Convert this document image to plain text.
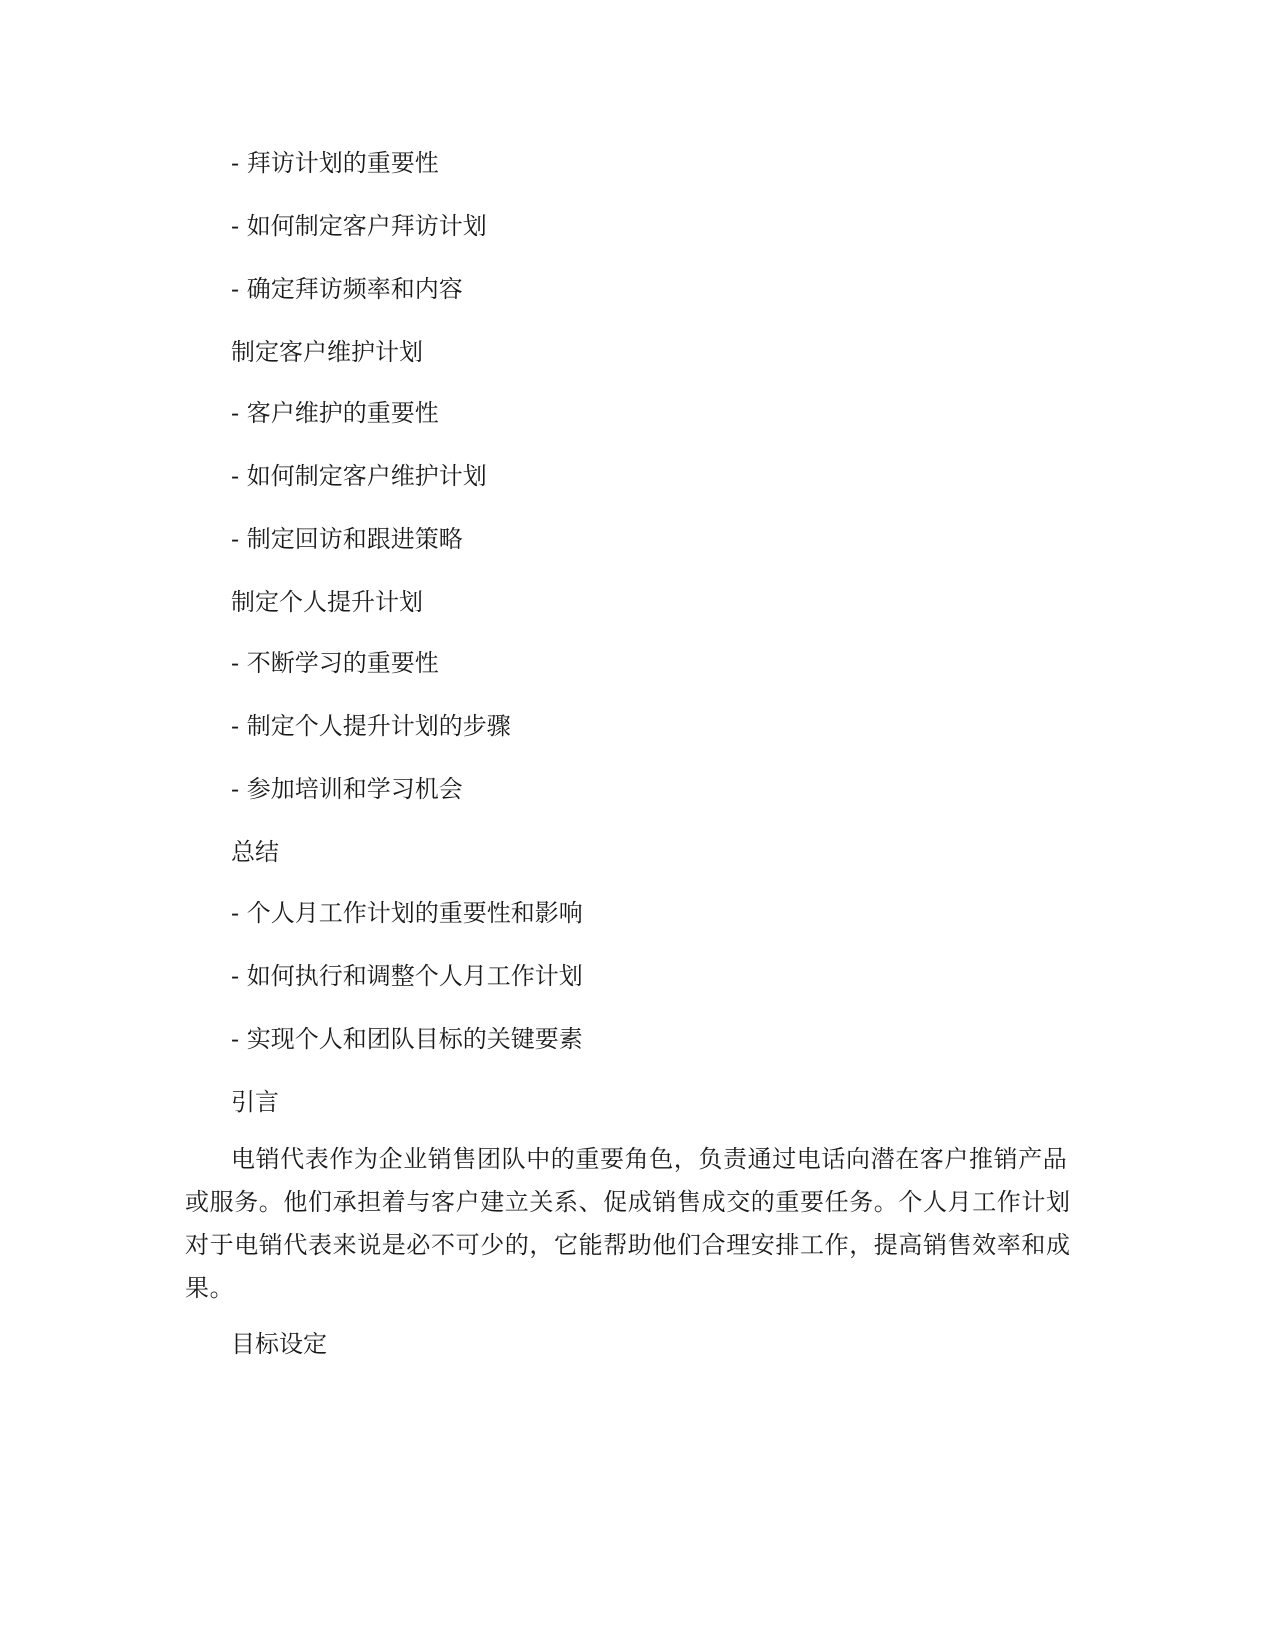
- 拜访计划的重要性

- 如何制定客户拜访计划

- 确定拜访频率和内容

制定客户维护计划

- 客户维护的重要性

- 如何制定客户维护计划

- 制定回访和跟进策略

制定个人提升计划

- 不断学习的重要性

- 制定个人提升计划的步骤

- 参加培训和学习机会

总结

- 个人月工作计划的重要性和影响

- 如何执行和调整个人月工作计划

- 实现个人和团队目标的关键要素

引言

电销代表作为企业销售团队中的重要角色，负责通过电话向潜在客户推销产品或服务。他们承担着与客户建立关系、促成销售成交的重要任务。个人月工作计划对于电销代表来说是必不可少的，它能帮助他们合理安排工作，提高销售效率和成果。

目标设定
